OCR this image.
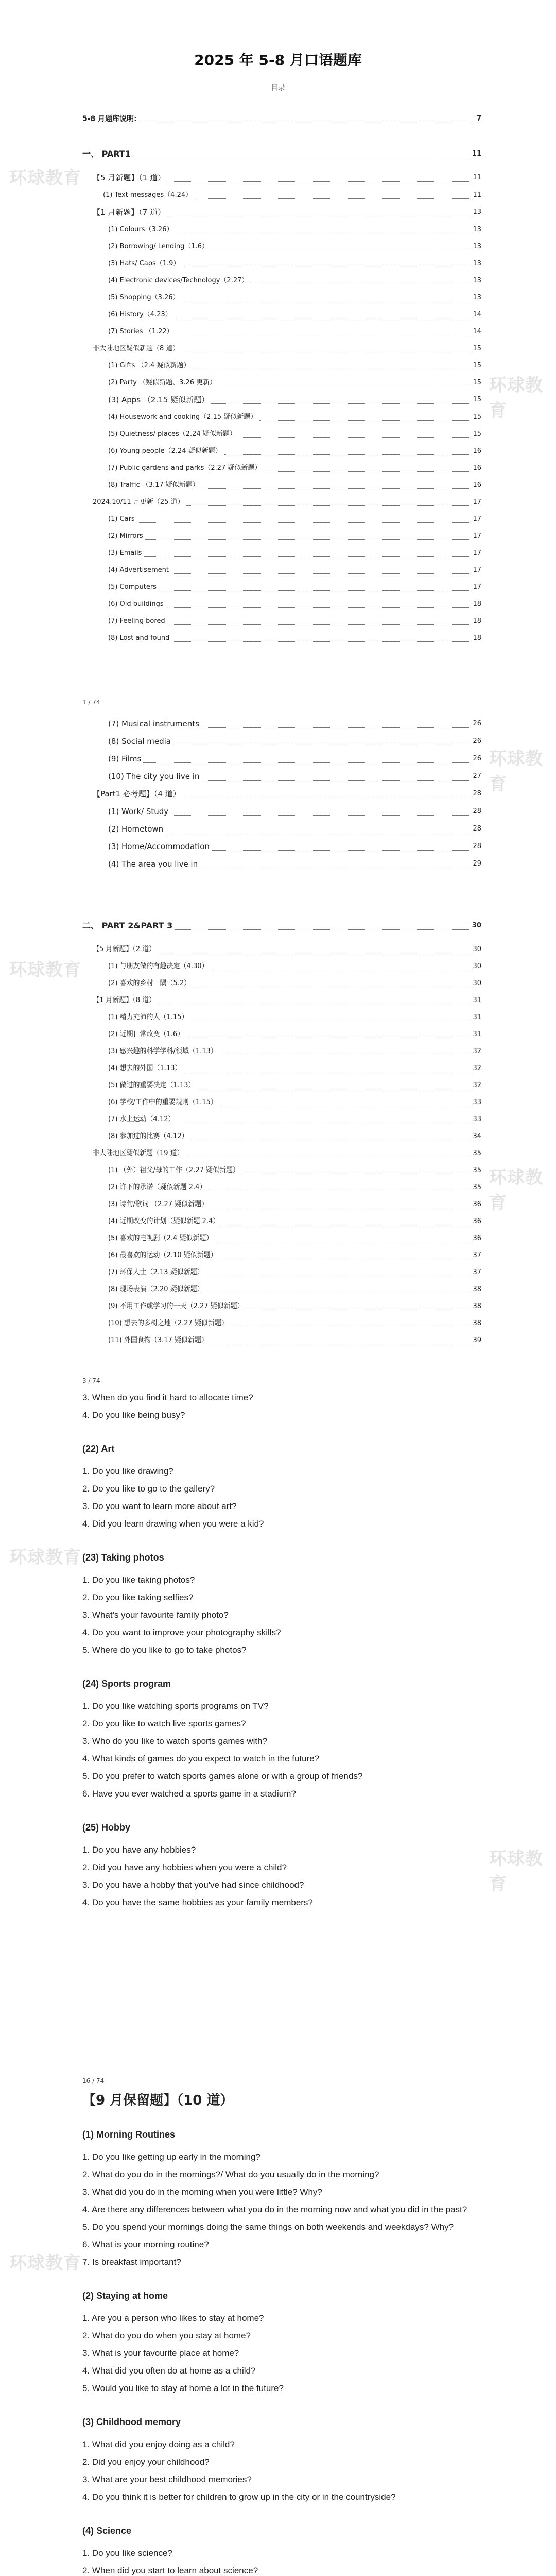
环球教育
环球教育
环球教育
环球教育
环球教育
环球教育
环球教育
环球教育
2025 年 5-8 月口语题库
目录
5-8 月题库说明:	7
一、 PART1	11
【5 月新题】（1 道）	11
(1) Text messages（4.24）	11
【1 月新题】（7 道）	13
(1) Colours（3.26）	13
(2) Borrowing/ Lending（1.6）	13
(3) Hats/ Caps（1.9）	13
(4) Electronic devices/Technology（2.27）	13
(5) Shopping（3.26）	13
(6) History（4.23）	14
(7) Stories （1.22）	14
非大陆地区疑似新题（8 道）	15
(1) Gifts （2.4 疑似新题）	15
(2) Party （疑似新题、3.26 更新）	15
(3) Apps （2.15 疑似新题）	15
(4) Housework and cooking（2.15 疑似新题）	15
(5) Quietness/ places（2.24 疑似新题）	15
(6) Young people（2.24 疑似新题）	16
(7) Public gardens and parks（2.27 疑似新题）	16
(8) Traffic （3.17 疑似新题）	16
2024.10/11 月更新（25 道）	17
(1) Cars	17
(2) Mirrors	17
(3) Emails	17
(4) Advertisement	17
(5) Computers	17
(6) Old buildings	18
(7) Feeling bored	18
(8) Lost and found	18
1 / 74
(7) Musical instruments	26
(8) Social media	26
(9) Films	26
(10) The city you live in	27
【Part1 必考题】（4 道）	28
(1) Work/ Study	28
(2) Hometown	28
(3) Home/Accommodation	28
(4) The area you live in	29
二、 PART 2&PART 3	30
【5 月新题】（2 道）	30
(1) 与朋友做的有趣决定（4.30）	30
(2) 喜欢的乡村一隅（5.2）	30
【1 月新题】（8 道）	31
(1) 精力充沛的人（1.15）	31
(2) 近期日常改变（1.6）	31
(3) 感兴趣的科学学科/领域（1.13）	32
(4) 想去的外国（1.13）	32
(5) 做过的重要决定（1.13）	32
(6) 学校/工作中的重要规则（1.15）	33
(7) 水上运动（4.12）	33
(8) 参加过的比赛（4.12）	34
非大陆地区疑似新题（19 道）	35
(1) （外）祖父/母的工作（2.27 疑似新题）	35
(2) 许下的承诺（疑似新题 2.4）	35
(3) 诗句/歌词 （2.27 疑似新题）	36
(4) 近期改变的计划（疑似新题 2.4）	36
(5) 喜欢的电视剧（2.4 疑似新题）	36
(6) 最喜欢的运动（2.10 疑似新题）	37
(7) 环保人士（2.13 疑似新题）	37
(8) 现场表演（2.20 疑似新题）	38
(9) 不用工作或学习的一天（2.27 疑似新题）	38
(10) 想去的多树之地（2.27 疑似新题）	38
(11) 外国食物（3.17 疑似新题）	39
3 / 74

3. When do you find it hard to allocate time?

4. Do you like being busy?

(22) Art

1. Do you like drawing?

2. Do you like to go to the gallery?

3. Do you want to learn more about art?

4. Did you learn drawing when you were a kid?

(23) Taking photos

1. Do you like taking photos?

2. Do you like taking selfies?

3. What's your favourite family photo?

4. Do you want to improve your photography skills?

5. Where do you like to go to take photos?

(24) Sports program

1. Do you like watching sports programs on TV?

2. Do you like to watch live sports games?

3. Who do you like to watch sports games with?

4. What kinds of games do you expect to watch in the future?

5. Do you prefer to watch sports games alone or with a group of friends?

6. Have you ever watched a sports game in a stadium?

(25) Hobby

1. Do you have any hobbies?

2. Did you have any hobbies when you were a child?

3. Do you have a hobby that you've had since childhood?

4. Do you have the same hobbies as your family members?

16 / 74

【9 月保留题】（10 道）

(1) Morning Routines

1. Do you like getting up early in the morning?

2. What do you do in the mornings?/ What do you usually do in the morning?

3. What did you do in the morning when you were little? Why?

4. Are there any differences between what you do in the morning now and what you did in the past?

5. Do you spend your mornings doing the same things on both weekends and weekdays? Why?

6. What is your morning routine?

7. Is breakfast important?

(2) Staying at home

1. Are you a person who likes to stay at home?

2. What do you do when you stay at home?

3. What is your favourite place at home?

4. What did you often do at home as a child?

5. Would you like to stay at home a lot in the future?

(3) Childhood memory

1. What did you enjoy doing as a child?

2. Did you enjoy your childhood?

3. What are your best childhood memories?

4. Do you think it is better for children to grow up in the city or in the countryside?

(4) Science

1. Do you like science?

2. When did you start to learn about science?
